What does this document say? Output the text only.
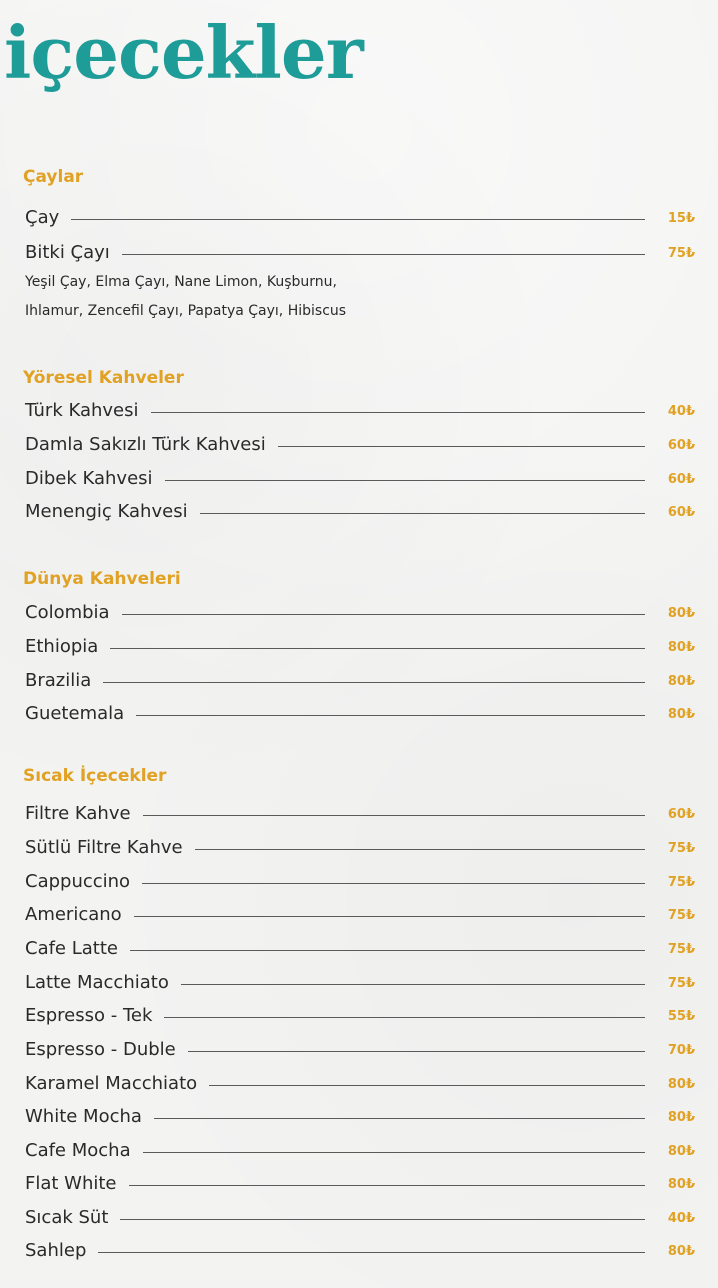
içecekler
Çaylar
Çay	15₺
Bitki Çayı	75₺
Yeşil Çay, Elma Çayı, Nane Limon, Kuşburnu,
Ihlamur, Zencefil Çayı, Papatya Çayı, Hibiscus
Yöresel Kahveler
Türk Kahvesi	40₺
Damla Sakızlı Türk Kahvesi	60₺
Dibek Kahvesi	60₺
Menengiç Kahvesi	60₺
Dünya Kahveleri
Colombia	80₺
Ethiopia	80₺
Brazilia	80₺
Guetemala	80₺
Sıcak İçecekler
Filtre Kahve	60₺
Sütlü Filtre Kahve	75₺
Cappuccino	75₺
Americano	75₺
Cafe Latte	75₺
Latte Macchiato	75₺
Espresso - Tek	55₺
Espresso - Duble	70₺
Karamel Macchiato	80₺
White Mocha	80₺
Cafe Mocha	80₺
Flat White	80₺
Sıcak Süt	40₺
Sahlep	80₺
